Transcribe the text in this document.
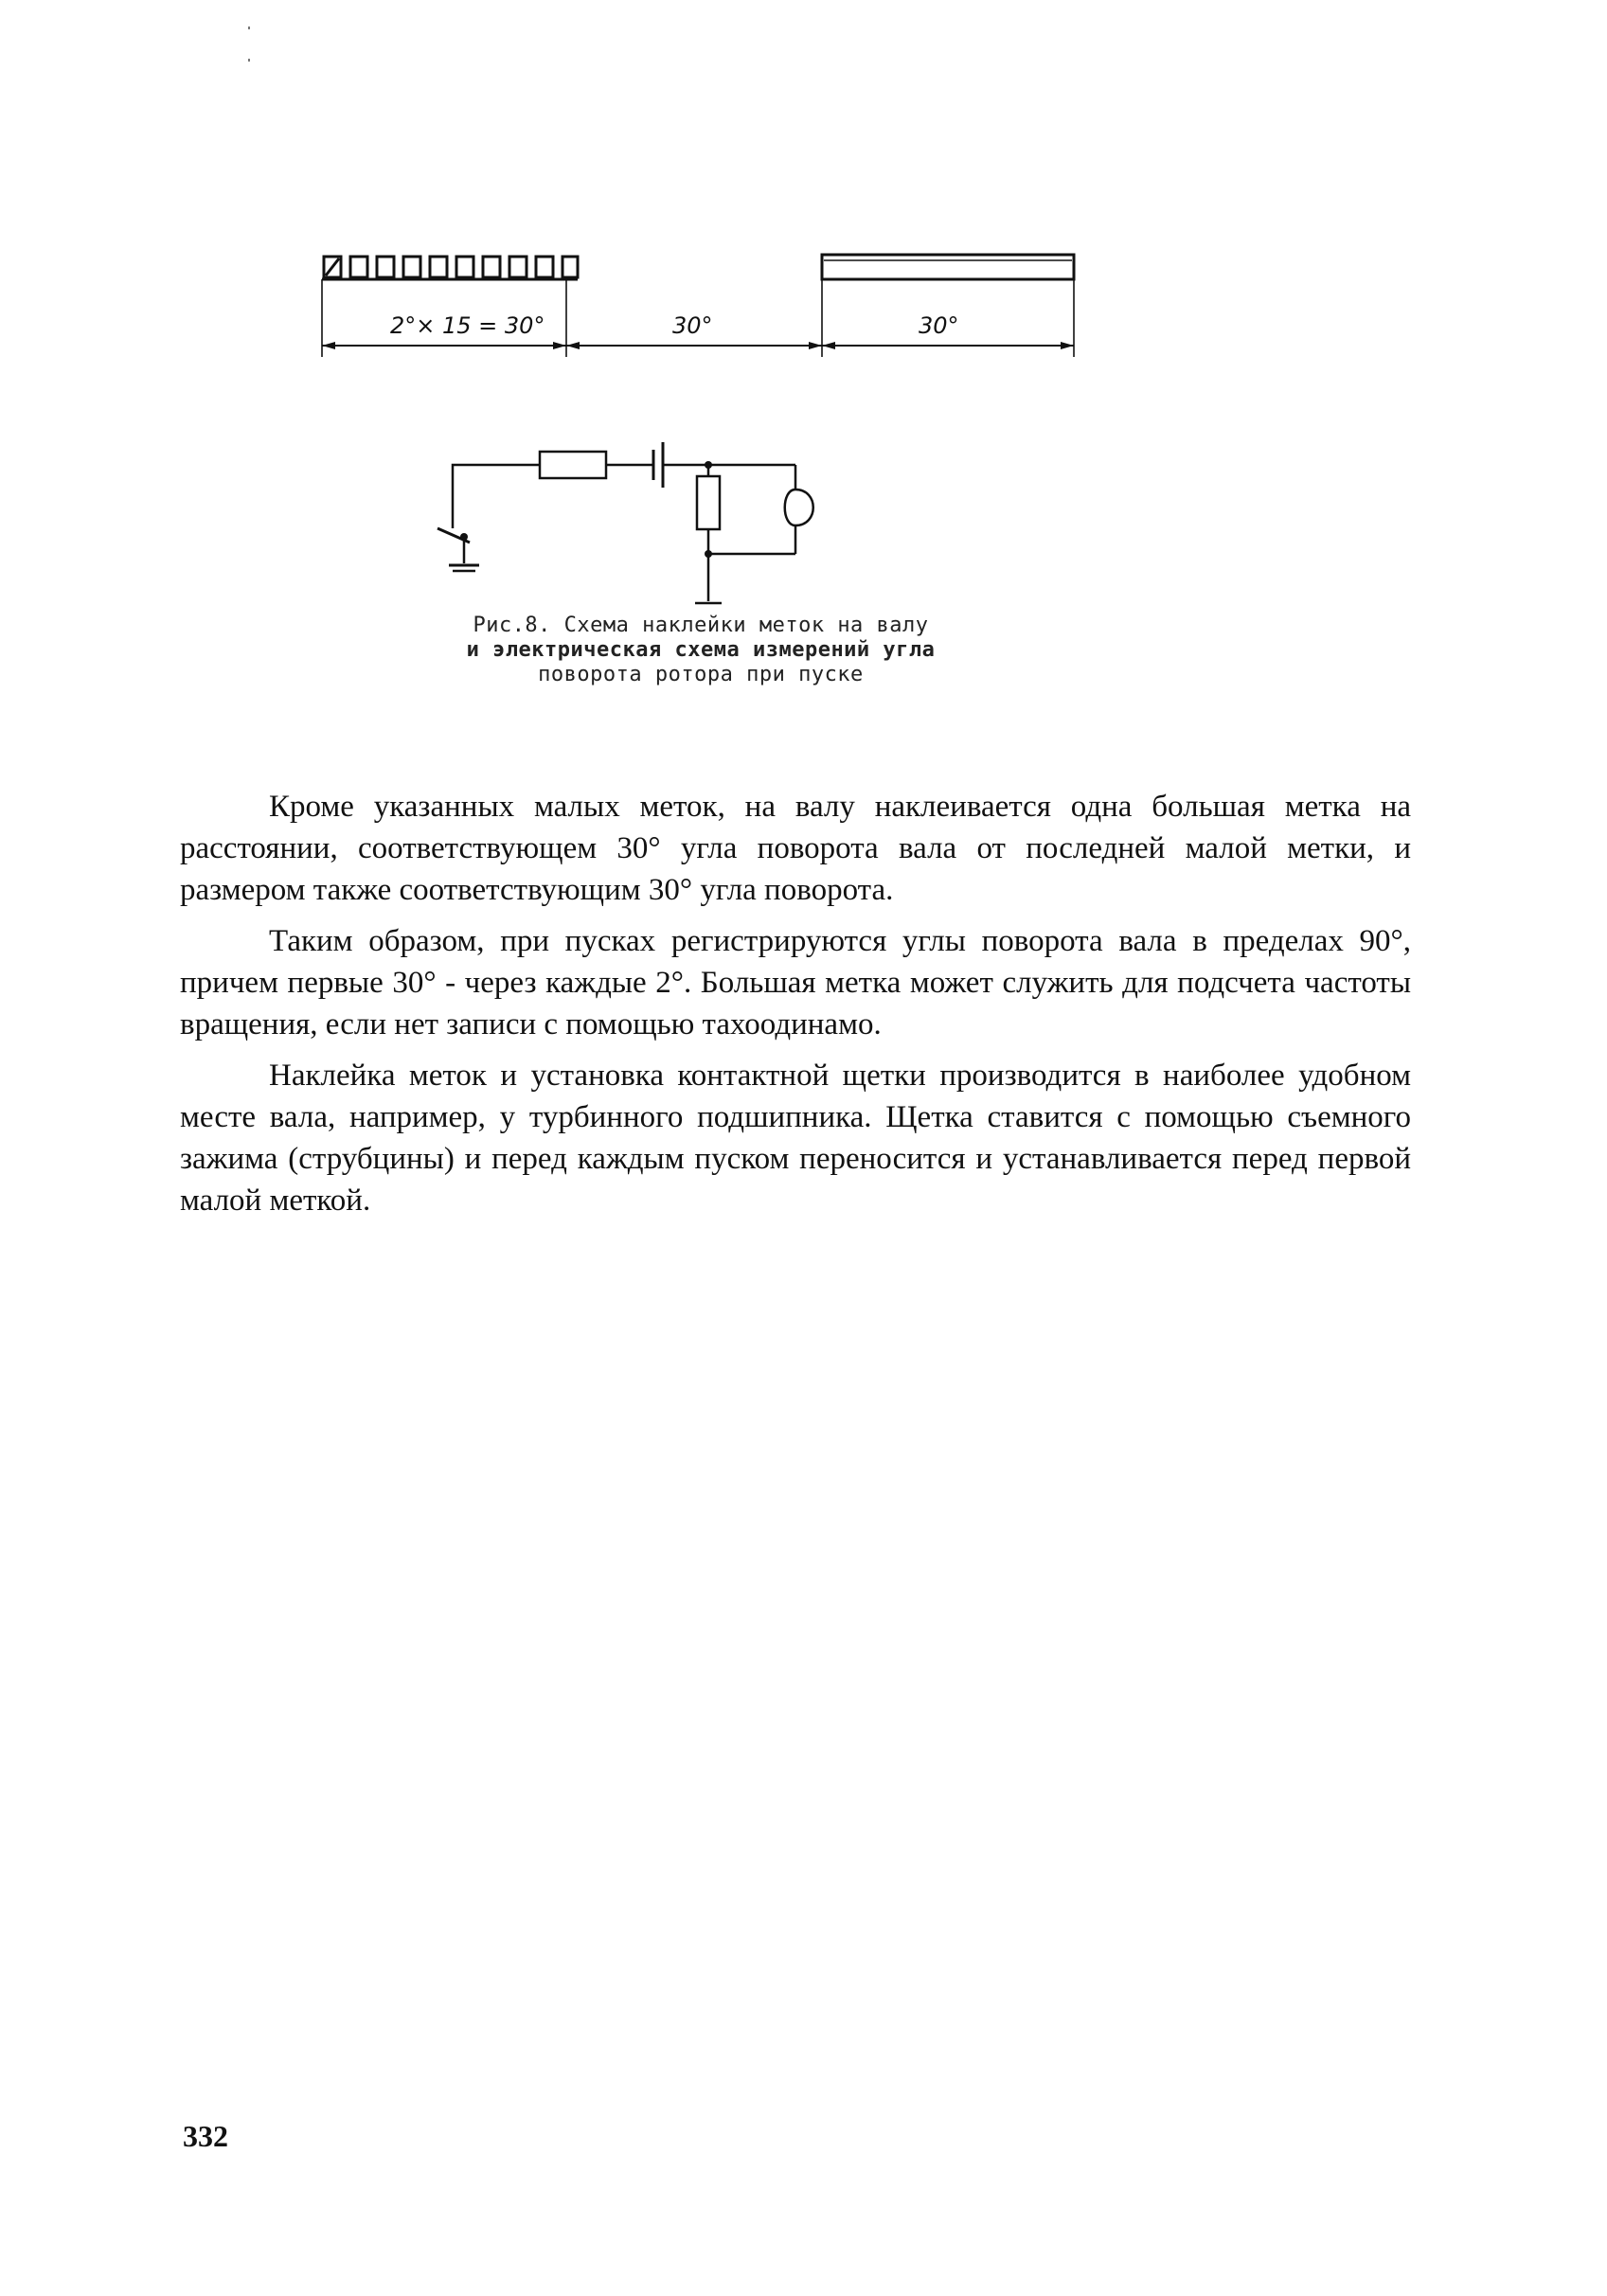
2°× 15 = 30°	30°	30°
Рис.8. Схема наклейки меток на валу
и электрическая схема измерений угла
поворота ротора при пуске

Кроме указанных малых меток, на валу наклеивается одна большая метка на расстоянии, соответствующем 30° угла поворота вала от последней малой метки, и размером также соответствующим 30° угла поворота.

Таким образом, при пусках регистрируются углы поворота вала в пределах 90°, причем первые 30° - через каждые 2°. Большая метка может служить для подсчета частоты вращения, если нет записи с помощью тахоодинамо.

Наклейка меток и установка контактной щетки производится в наиболее удобном месте вала, например, у турбинного подшипника. Щетка ставится с помощью съемного зажима (струбцины) и перед каждым пуском переносится и устанавливается перед первой малой меткой.

332
